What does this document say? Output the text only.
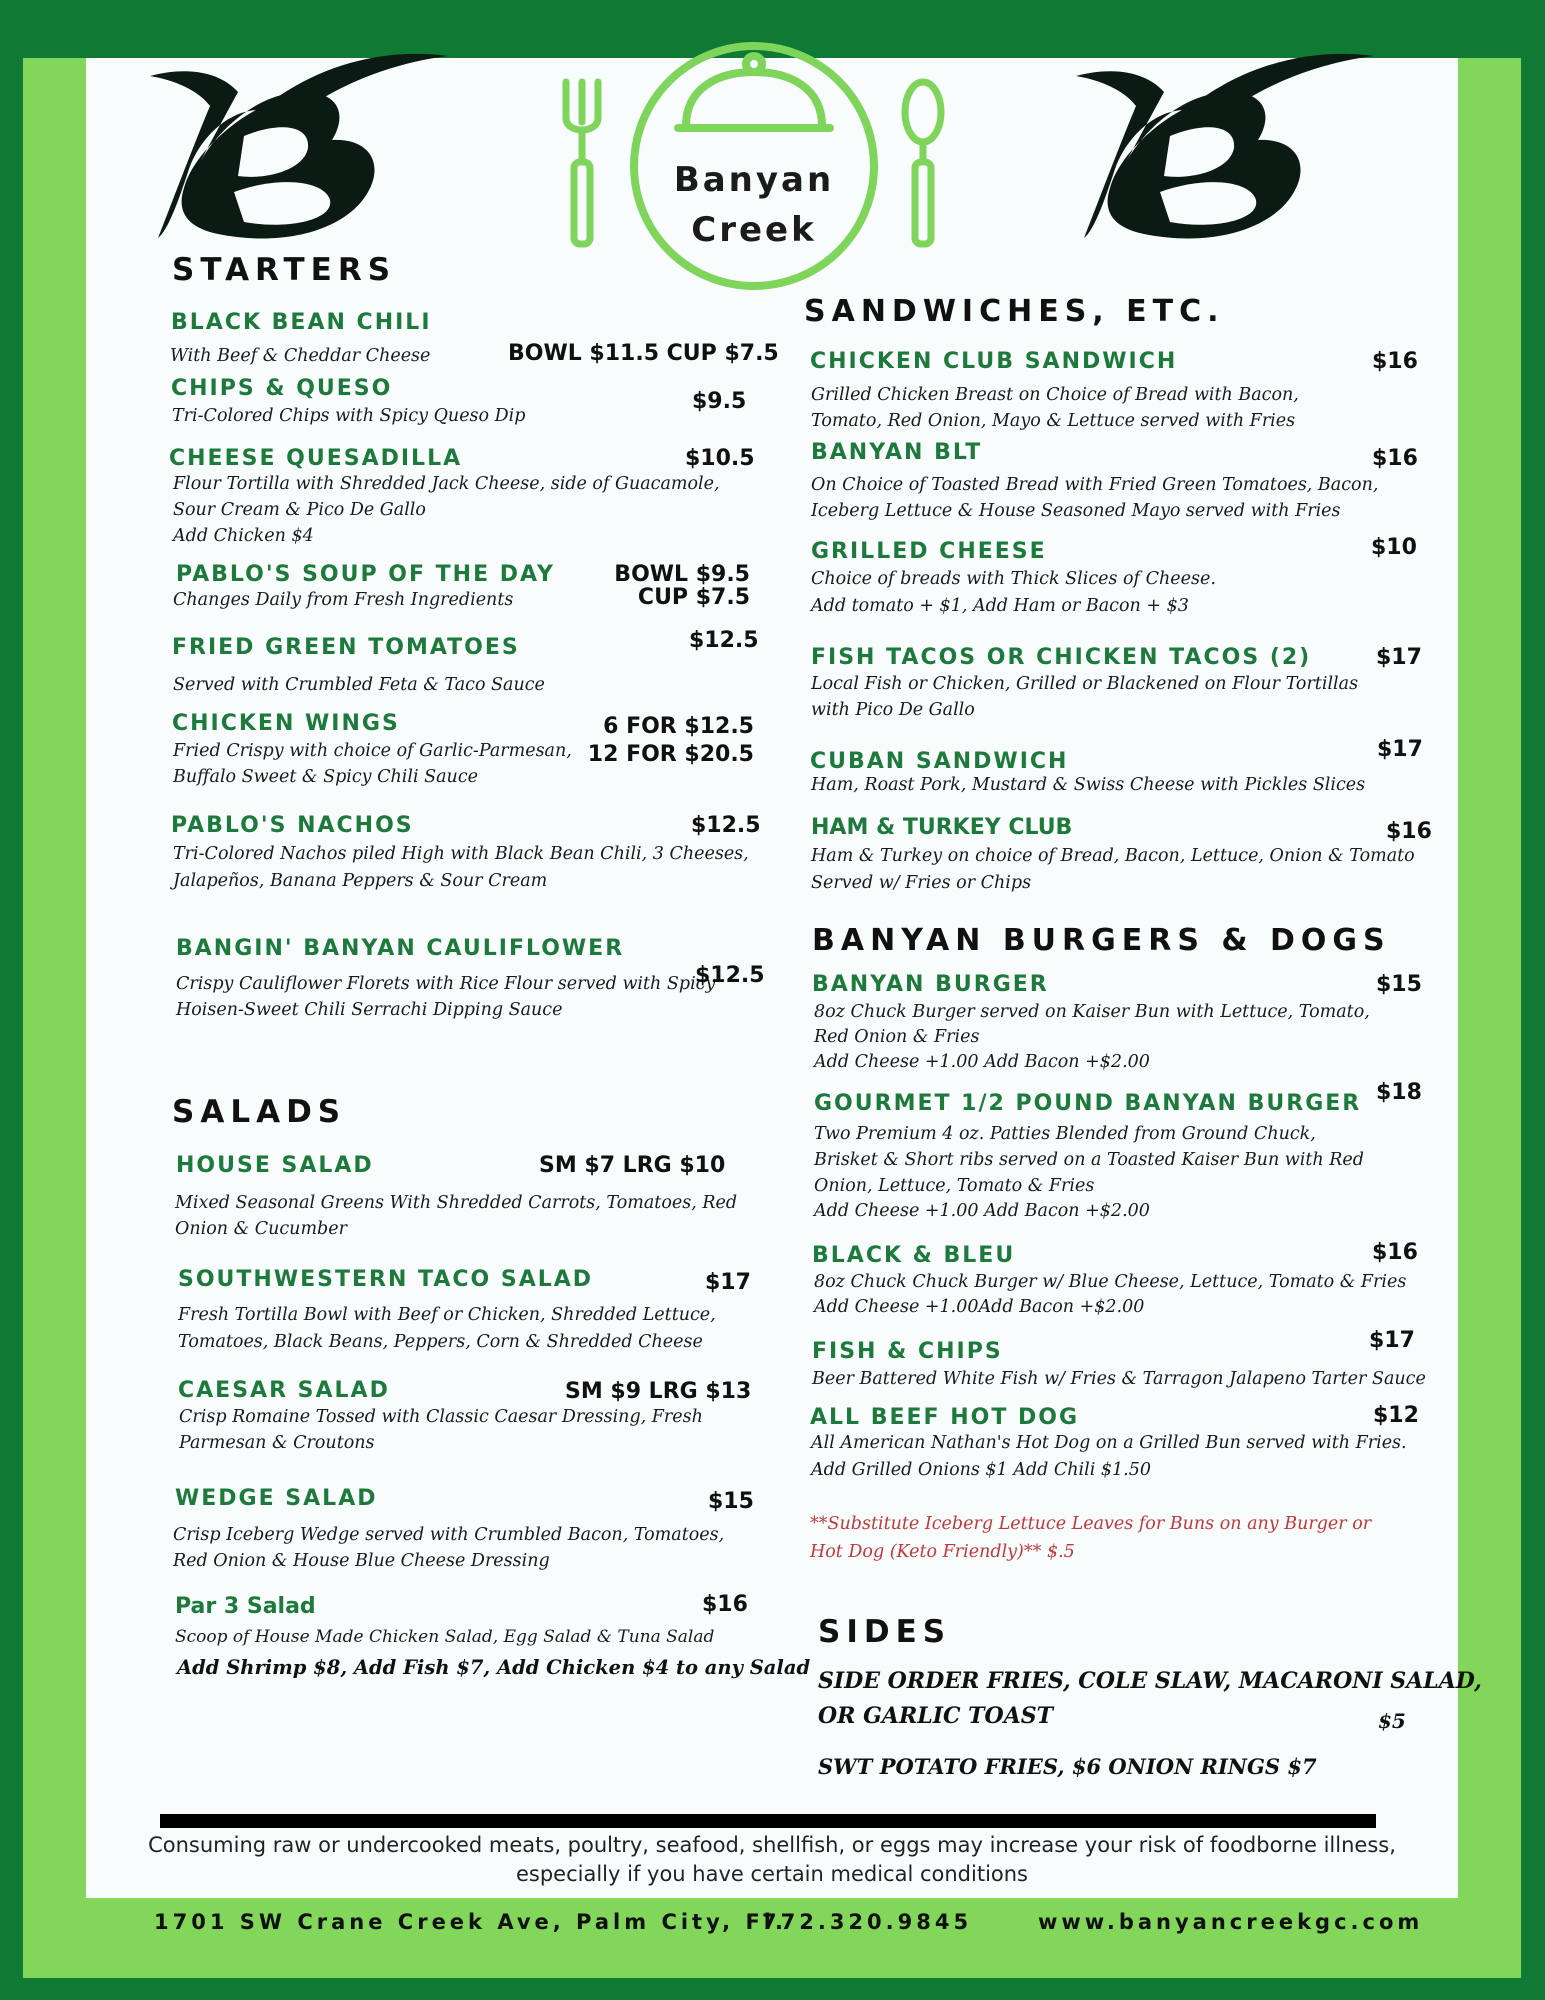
Banyan
Creek
STARTERS
BLACK BEAN CHILI
With Beef & Cheddar Cheese	BOWL $11.5 CUP $7.5
CHIPS & QUESO
Tri-Colored Chips with Spicy Queso Dip
$9.5
CHEESE QUESADILLA
Flour Tortilla with Shredded Jack Cheese, side of Guacamole,
Sour Cream & Pico De Gallo
Add Chicken $4
$10.5
PABLO'S SOUP OF THE DAY
Changes Daily from Fresh Ingredients
BOWL $9.5
CUP $7.5
FRIED GREEN TOMATOES
Served with Crumbled Feta & Taco Sauce
$12.5
CHICKEN WINGS
Fried Crispy with choice of Garlic-Parmesan,
Buffalo Sweet & Spicy Chili Sauce
6 FOR $12.5
12 FOR $20.5
PABLO'S NACHOS
Tri-Colored Nachos piled High with Black Bean Chili, 3 Cheeses,
Jalapeños, Banana Peppers & Sour Cream
$12.5
BANGIN' BANYAN CAULIFLOWER
Crispy Cauliflower Florets with Rice Flour served with Spicy
Hoisen-Sweet Chili Serrachi Dipping Sauce
$12.5
SALADS
HOUSE SALAD
Mixed Seasonal Greens With Shredded Carrots, Tomatoes, Red
Onion & Cucumber
SM $7 LRG $10
SOUTHWESTERN TACO SALAD
Fresh Tortilla Bowl with Beef or Chicken, Shredded Lettuce,
Tomatoes, Black Beans, Peppers, Corn & Shredded Cheese
$17
CAESAR SALAD
Crisp Romaine Tossed with Classic Caesar Dressing, Fresh
Parmesan & Croutons
SM $9 LRG $13
WEDGE SALAD
Crisp Iceberg Wedge served with Crumbled Bacon, Tomatoes,
Red Onion & House Blue Cheese Dressing
$15
Par 3 Salad
Scoop of House Made Chicken Salad, Egg Salad & Tuna Salad
$16
Add Shrimp $8, Add Fish $7, Add Chicken $4 to any Salad
SANDWICHES, ETC.
CHICKEN CLUB SANDWICH
Grilled Chicken Breast on Choice of Bread with Bacon,
Tomato, Red Onion, Mayo & Lettuce served with Fries
$16
BANYAN BLT
On Choice of Toasted Bread with Fried Green Tomatoes, Bacon,
Iceberg Lettuce & House Seasoned Mayo served with Fries
$16
GRILLED CHEESE
Choice of breads with Thick Slices of Cheese.
Add tomato + $1, Add Ham or Bacon + $3
$10
FISH TACOS OR CHICKEN TACOS (2)
Local Fish or Chicken, Grilled or Blackened on Flour Tortillas
with Pico De Gallo
$17
CUBAN SANDWICH
Ham, Roast Pork, Mustard & Swiss Cheese with Pickles Slices
$17
HAM & TURKEY CLUB
Ham & Turkey on choice of Bread, Bacon, Lettuce, Onion & Tomato
Served w/ Fries or Chips
$16
BANYAN BURGERS & DOGS
BANYAN BURGER
8oz Chuck Burger served on Kaiser Bun with Lettuce, Tomato,
Red Onion & Fries
Add Cheese +1.00 Add Bacon +$2.00
$15
GOURMET 1/2 POUND BANYAN BURGER
Two Premium 4 oz. Patties Blended from Ground Chuck,
Brisket & Short ribs served on a Toasted Kaiser Bun with Red
Onion, Lettuce, Tomato & Fries
Add Cheese +1.00 Add Bacon +$2.00
$18
BLACK & BLEU
8oz Chuck Chuck Burger w/ Blue Cheese, Lettuce, Tomato & Fries
Add Cheese +1.00Add Bacon +$2.00
$16
FISH & CHIPS
Beer Battered White Fish w/ Fries & Tarragon Jalapeno Tarter Sauce
$17
ALL BEEF HOT DOG
All American Nathan's Hot Dog on a Grilled Bun served with Fries.
Add Grilled Onions $1 Add Chili $1.50
$12
**Substitute Iceberg Lettuce Leaves for Buns on any Burger or
Hot Dog (Keto Friendly)** $.5
SIDES
SIDE ORDER FRIES, COLE SLAW, MACARONI SALAD,
OR GARLIC TOAST	$5
SWT POTATO FRIES, $6 ONION RINGS $7
Consuming raw or undercooked meats, poultry, seafood, shellfish, or eggs may increase your risk of foodborne illness,
especially if you have certain medical conditions
1701 SW Crane Creek Ave, Palm City, Fl.
772.320.9845	www.banyancreekgc.com
